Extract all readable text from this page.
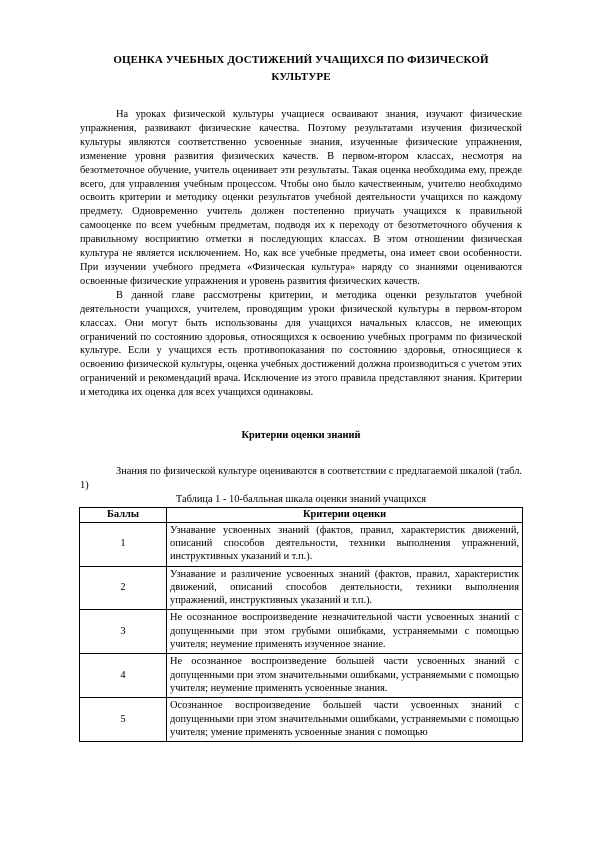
ОЦЕНКА УЧЕБНЫХ ДОСТИЖЕНИЙ УЧАЩИХСЯ ПО ФИЗИЧЕСКОЙ

КУЛЬТУРЕ

На уроках физической культуры учащиеся осваивают знания, изучают физические упражнения, развивают физические качества. Поэтому результатами изучения физической культуры являются соответственно усвоенные знания, изученные физические упражнения, изменение уровня развития физических качеств. В первом-втором классах, несмотря на безотметочное обучение, учитель оценивает эти результаты. Такая оценка необходима ему, прежде всего, для управления учебным процессом. Чтобы оно было качественным, учителю необходимо освоить критерии и методику оценки результатов учебной деятельности учащихся по каждому предмету. Одновременно учитель должен постепенно приучать учащихся к правильной самооценке по всем учебным предметам, подводя их к переходу от безотметочного обучения к правильному восприятию отметки в последующих классах. В этом отношении физическая культура не является исключением. Но, как все учебные предметы, она имеет свои особенности. При изучении учебного предмета «Физическая культура» наряду со знаниями оцениваются освоенные физические упражнения и уровень развития физических качеств.

В данной главе рассмотрены критерии, и методика оценки результатов учебной деятельности учащихся, учителем, проводящим уроки физической культуры в первом-втором классах. Они могут быть использованы для учащихся начальных классов, не имеющих ограничений по состоянию здоровья, относящихся к освоению учебных программ по физической культуре. Если у учащихся есть противопоказания по состоянию здоровья, относящиеся к освоению физической культуры, оценка учебных достижений должна производиться с учетом этих ограничений и рекомендаций врача. Исключение из этого правила представляют знания. Критерии и методика их оценка для всех учащихся одинаковы.

Критерии оценки знаний

Знания по физической культуре оцениваются в соответствии с предлагаемой шкалой (табл. 1)

Таблица 1 - 10-балльная шкала оценки знаний учащихся

Баллы	Критерии оценки
1	Узнавание усвоенных знаний (фактов, правил, характеристик движений, описаний способов деятельности, техники выполнения упражнений, инструктивных указаний и т.п.).
2	Узнавание и различение усвоенных знаний (фактов, правил, характеристик движений, описаний способов деятельности, техники выполнения упражнений, инструктивных указаний и т.п.).
3	Не осознанное воспроизведение незначительной части усвоенных знаний с допущенными при этом грубыми ошибками, устраняемыми с помощью учителя; неумение применять изученное знание.
4	Не осознанное воспроизведение большей части усвоенных знаний с допущенными при этом значительными ошибками, устраняемыми с помощью учителя; неумение применять усвоенные знания.
5	Осознанное воспроизведение большей части усвоенных знаний с допущенными при этом значительными ошибками, устраняемыми с помощью учителя; умение применять усвоенные знания с помощью
